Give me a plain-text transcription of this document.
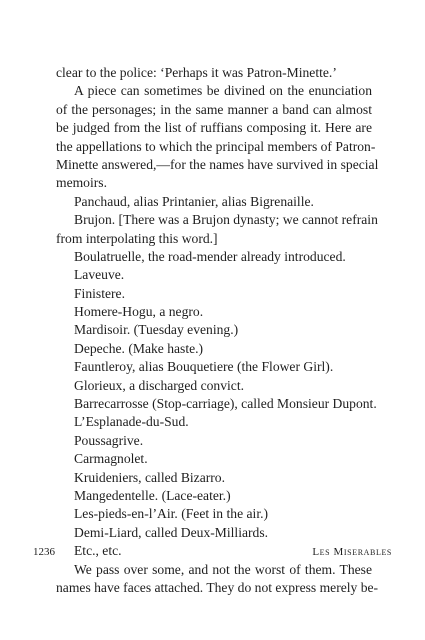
clear to the police: ‘Perhaps it was Patron-Minette.’
A piece can sometimes be divined on the enunciation
of the personages; in the same manner a band can almost
be judged from the list of ruffians composing it. Here are
the appellations to which the principal members of Patron-
Minette answered,—for the names have survived in special
memoirs.
Panchaud, alias Printanier, alias Bigrenaille.
Brujon. [There was a Brujon dynasty; we cannot refrain
from interpolating this word.]
Boulatruelle, the road-mender already introduced.
Laveuve.
Finistere.
Homere-Hogu, a negro.
Mardisoir. (Tuesday evening.)
Depeche. (Make haste.)
Fauntleroy, alias Bouquetiere (the Flower Girl).
Glorieux, a discharged convict.
Barrecarrosse (Stop-carriage), called Monsieur Dupont.
L’Esplanade-du-Sud.
Poussagrive.
Carmagnolet.
Kruideniers, called Bizarro.
Mangedentelle. (Lace-eater.)
Les-pieds-en-l’Air. (Feet in the air.)
Demi-Liard, called Deux-Milliards.
Etc., etc.
We pass over some, and not the worst of them. These
names have faces attached. They do not express merely be-
1236	Les Miserables
